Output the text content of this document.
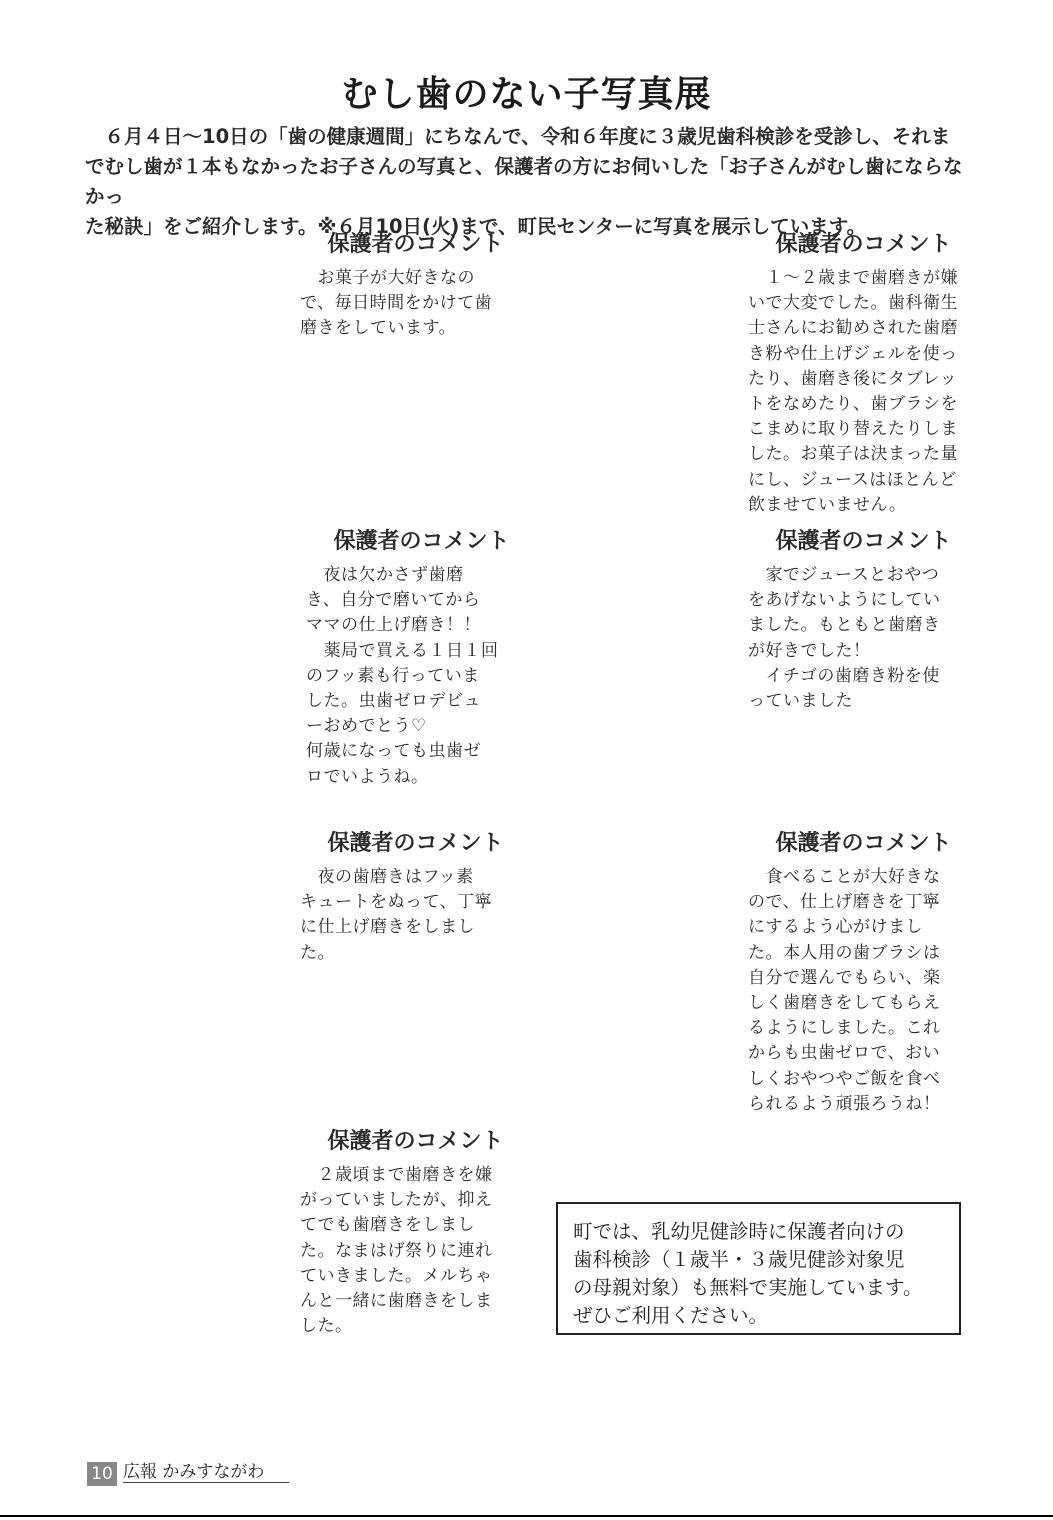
むし歯のない子写真展

　６月４日～10日の「歯の健康週間」にちなんで、令和６年度に３歳児歯科検診を受診し、それま

でむし歯が１本もなかったお子さんの写真と、保護者の方にお伺いした「お子さんがむし歯にならなかっ

た秘訣」をご紹介します。※６月10日(火)まで、町民センターに写真を展示しています。

保護者のコメント
　お菓子が大好きなの
で、毎日時間をかけて歯
磨きをしています。
保護者のコメント
　１～２歳まで歯磨きが嫌
いで大変でした。歯科衛生
士さんにお勧めされた歯磨
き粉や仕上げジェルを使っ
たり、歯磨き後にタブレッ
トをなめたり、歯ブラシを
こまめに取り替えたりしま
した。お菓子は決まった量
にし、ジュースはほとんど
飲ませていません。
保護者のコメント
　夜は欠かさず歯磨
き、自分で磨いてから
ママの仕上げ磨き！！
　薬局で買える１日１回
のフッ素も行っていま
した。虫歯ゼロデビュ
ーおめでとう♡
何歳になっても虫歯ゼ
ロでいようね。
保護者のコメント
　家でジュースとおやつ
をあげないようにしてい
ました。もともと歯磨き
が好きでした！
　イチゴの歯磨き粉を使
っていました
保護者のコメント
　夜の歯磨きはフッ素
キュートをぬって、丁寧
に仕上げ磨きをしまし
た。
保護者のコメント
　食べることが大好きな
ので、仕上げ磨きを丁寧
にするよう心がけまし
た。本人用の歯ブラシは
自分で選んでもらい、楽
しく歯磨きをしてもらえ
るようにしました。これ
からも虫歯ゼロで、おい
しくおやつやご飯を食べ
られるよう頑張ろうね！
保護者のコメント
　２歳頃まで歯磨きを嫌
がっていましたが、抑え
てでも歯磨きをしまし
た。なまはげ祭りに連れ
ていきました。メルちゃ
んと一緒に歯磨きをしま
した。
町では、乳幼児健診時に保護者向けの
歯科検診（１歳半・３歳児健診対象児
の母親対象）も無料で実施しています。
ぜひご利用ください。
10 広報 かみすながわ
